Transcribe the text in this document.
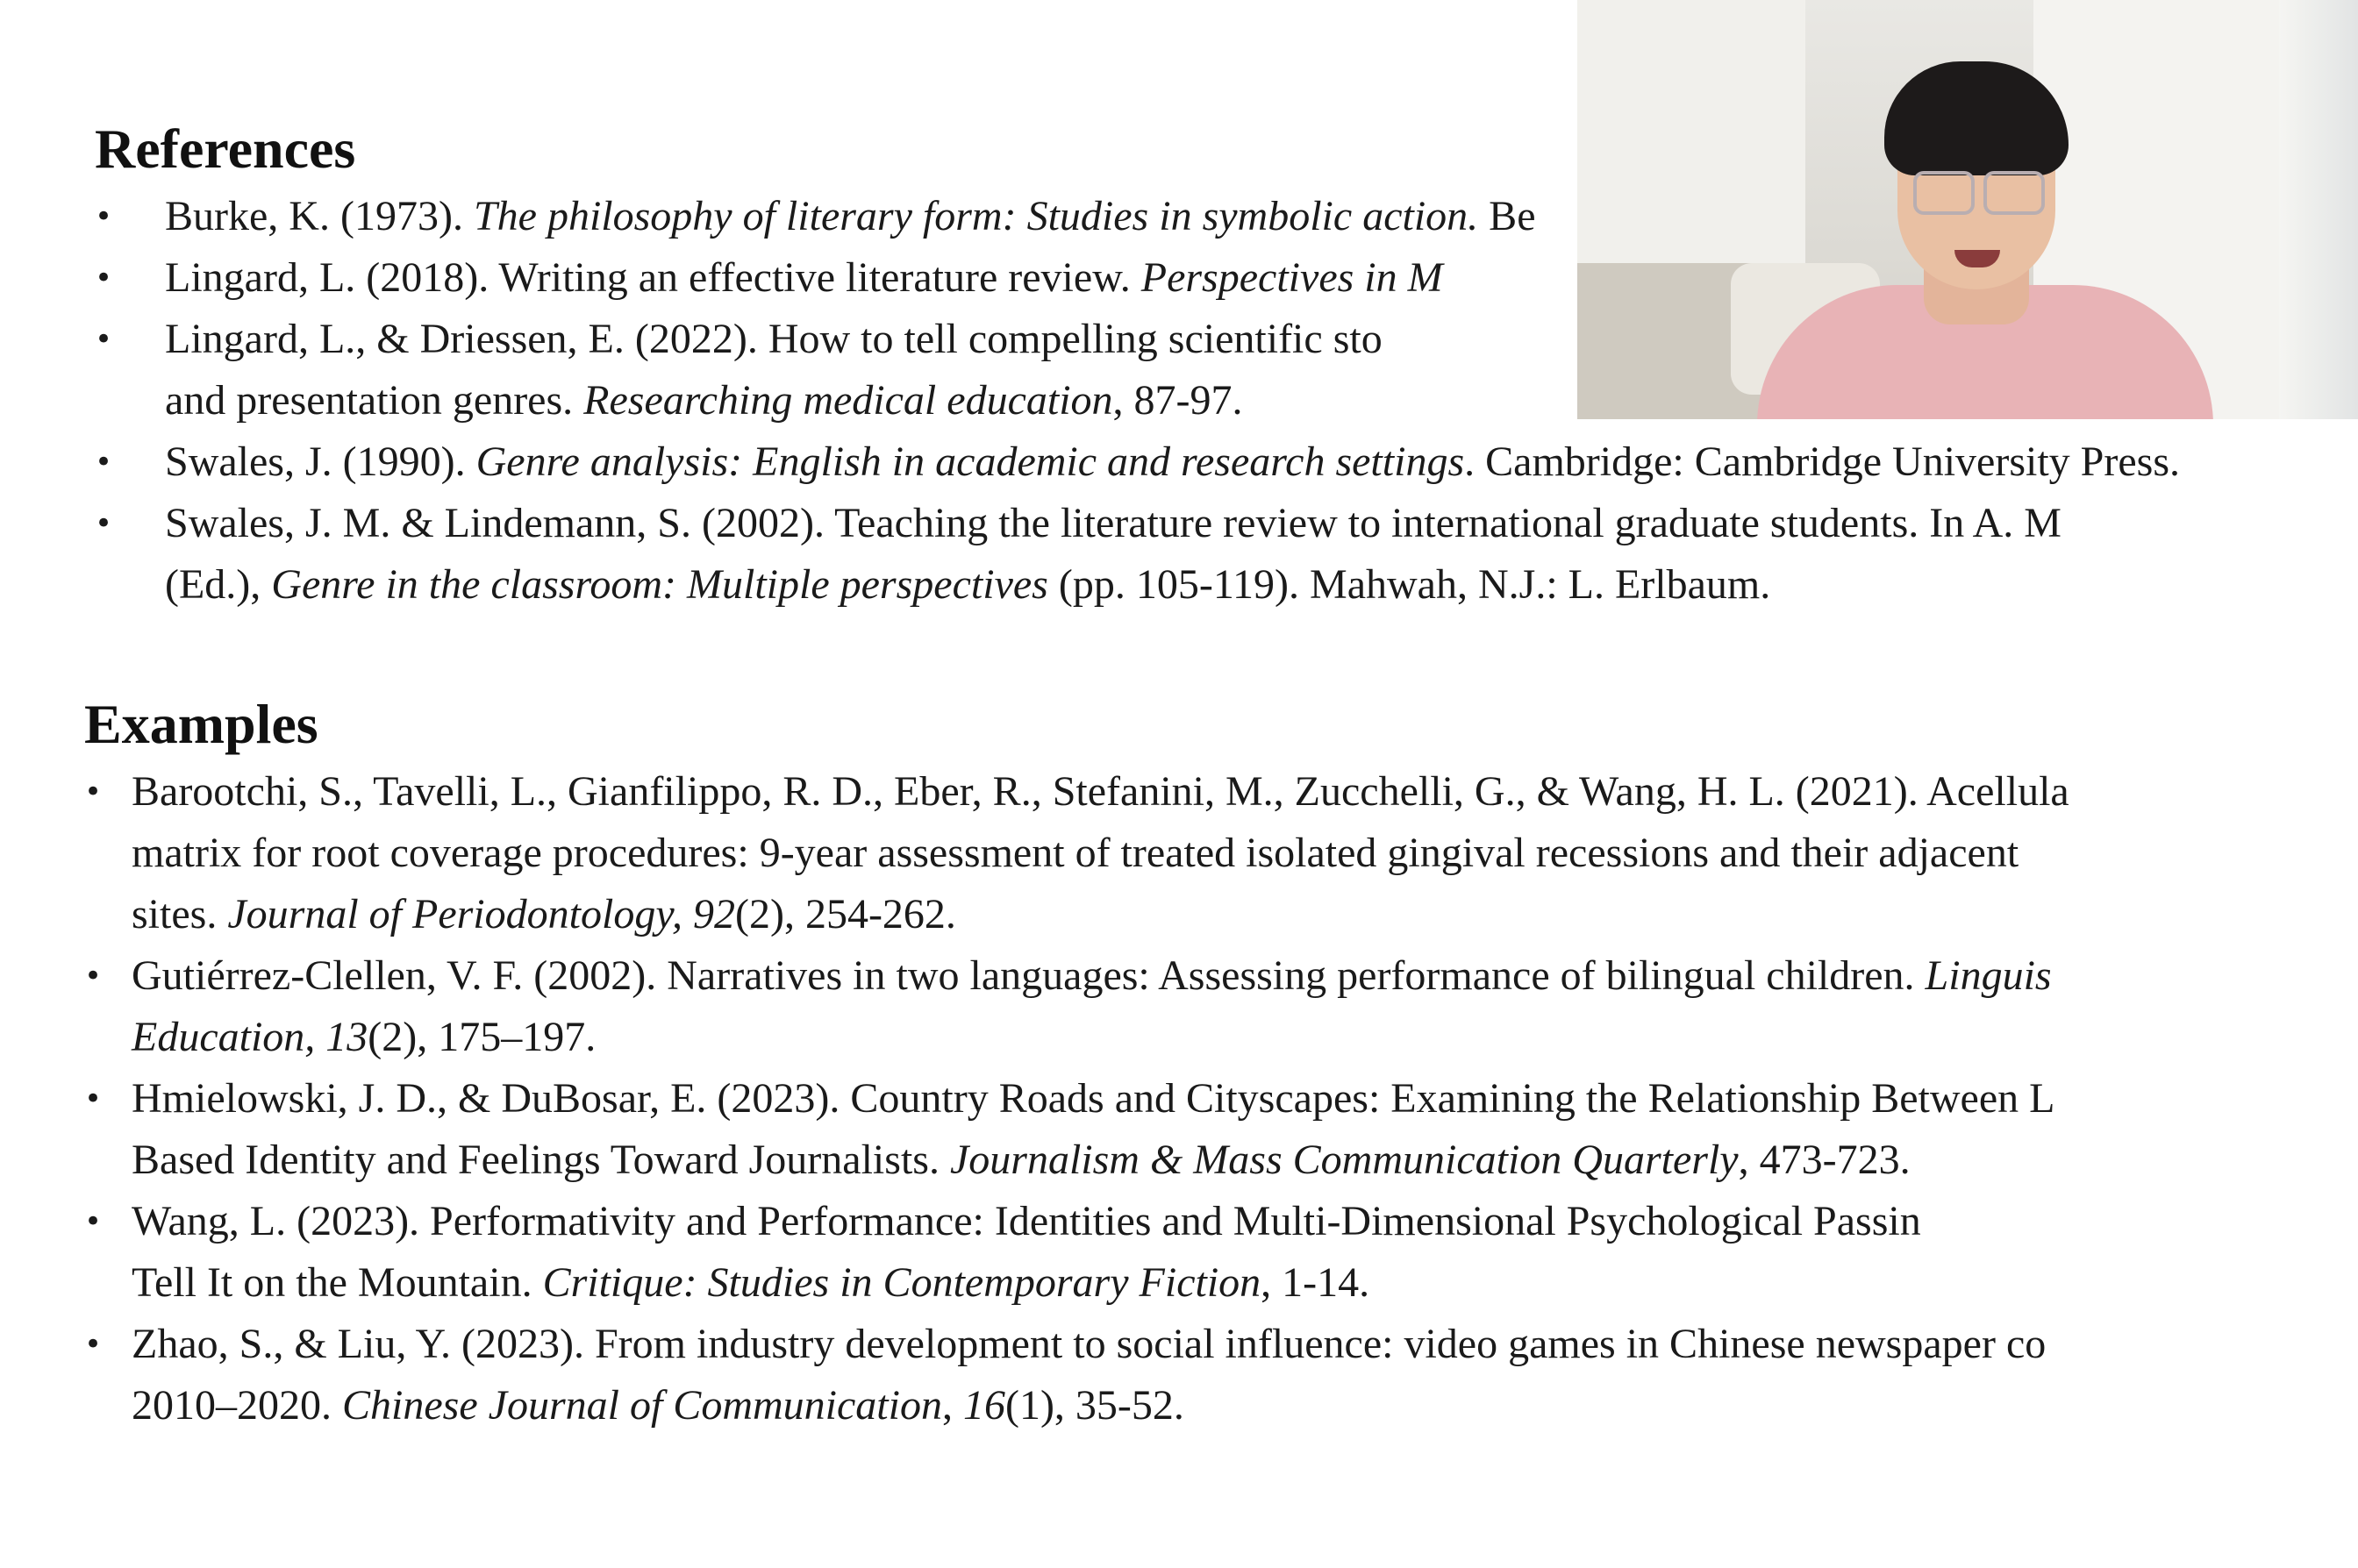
References
•	Burke, K. (1973). The philosophy of literary form: Studies in symbolic action. Be
•	Lingard, L. (2018). Writing an effective literature review. Perspectives in M
•	Lingard, L., & Driessen, E. (2022). How to tell compelling scientific sto
and presentation genres. Researching medical education, 87-97.
•	Swales, J. (1990). Genre analysis: English in academic and research settings. Cambridge: Cambridge University Press.
•	Swales, J. M. & Lindemann, S. (2002). Teaching the literature review to international graduate students. In A. M
(Ed.), Genre in the classroom: Multiple perspectives (pp. 105-119). Mahwah, N.J.: L. Erlbaum.
Examples
• Barootchi, S., Tavelli, L., Gianfilippo, R. D., Eber, R., Stefanini, M., Zucchelli, G., & Wang, H. L. (2021). Acellula
matrix for root coverage procedures: 9-year assessment of treated isolated gingival recessions and their adjacent
sites. Journal of Periodontology, 92(2), 254-262.
• Gutiérrez-Clellen, V. F. (2002). Narratives in two languages: Assessing performance of bilingual children. Linguis
Education, 13(2), 175–197.
• Hmielowski, J. D., & DuBosar, E. (2023). Country Roads and Cityscapes: Examining the Relationship Between L
Based Identity and Feelings Toward Journalists. Journalism & Mass Communication Quarterly, 473-723.
• Wang, L. (2023). Performativity and Performance: Identities and Multi-Dimensional Psychological Passin
Tell It on the Mountain. Critique: Studies in Contemporary Fiction, 1-14.
• Zhao, S., & Liu, Y. (2023). From industry development to social influence: video games in Chinese newspaper co
2010–2020. Chinese Journal of Communication, 16(1), 35-52.
